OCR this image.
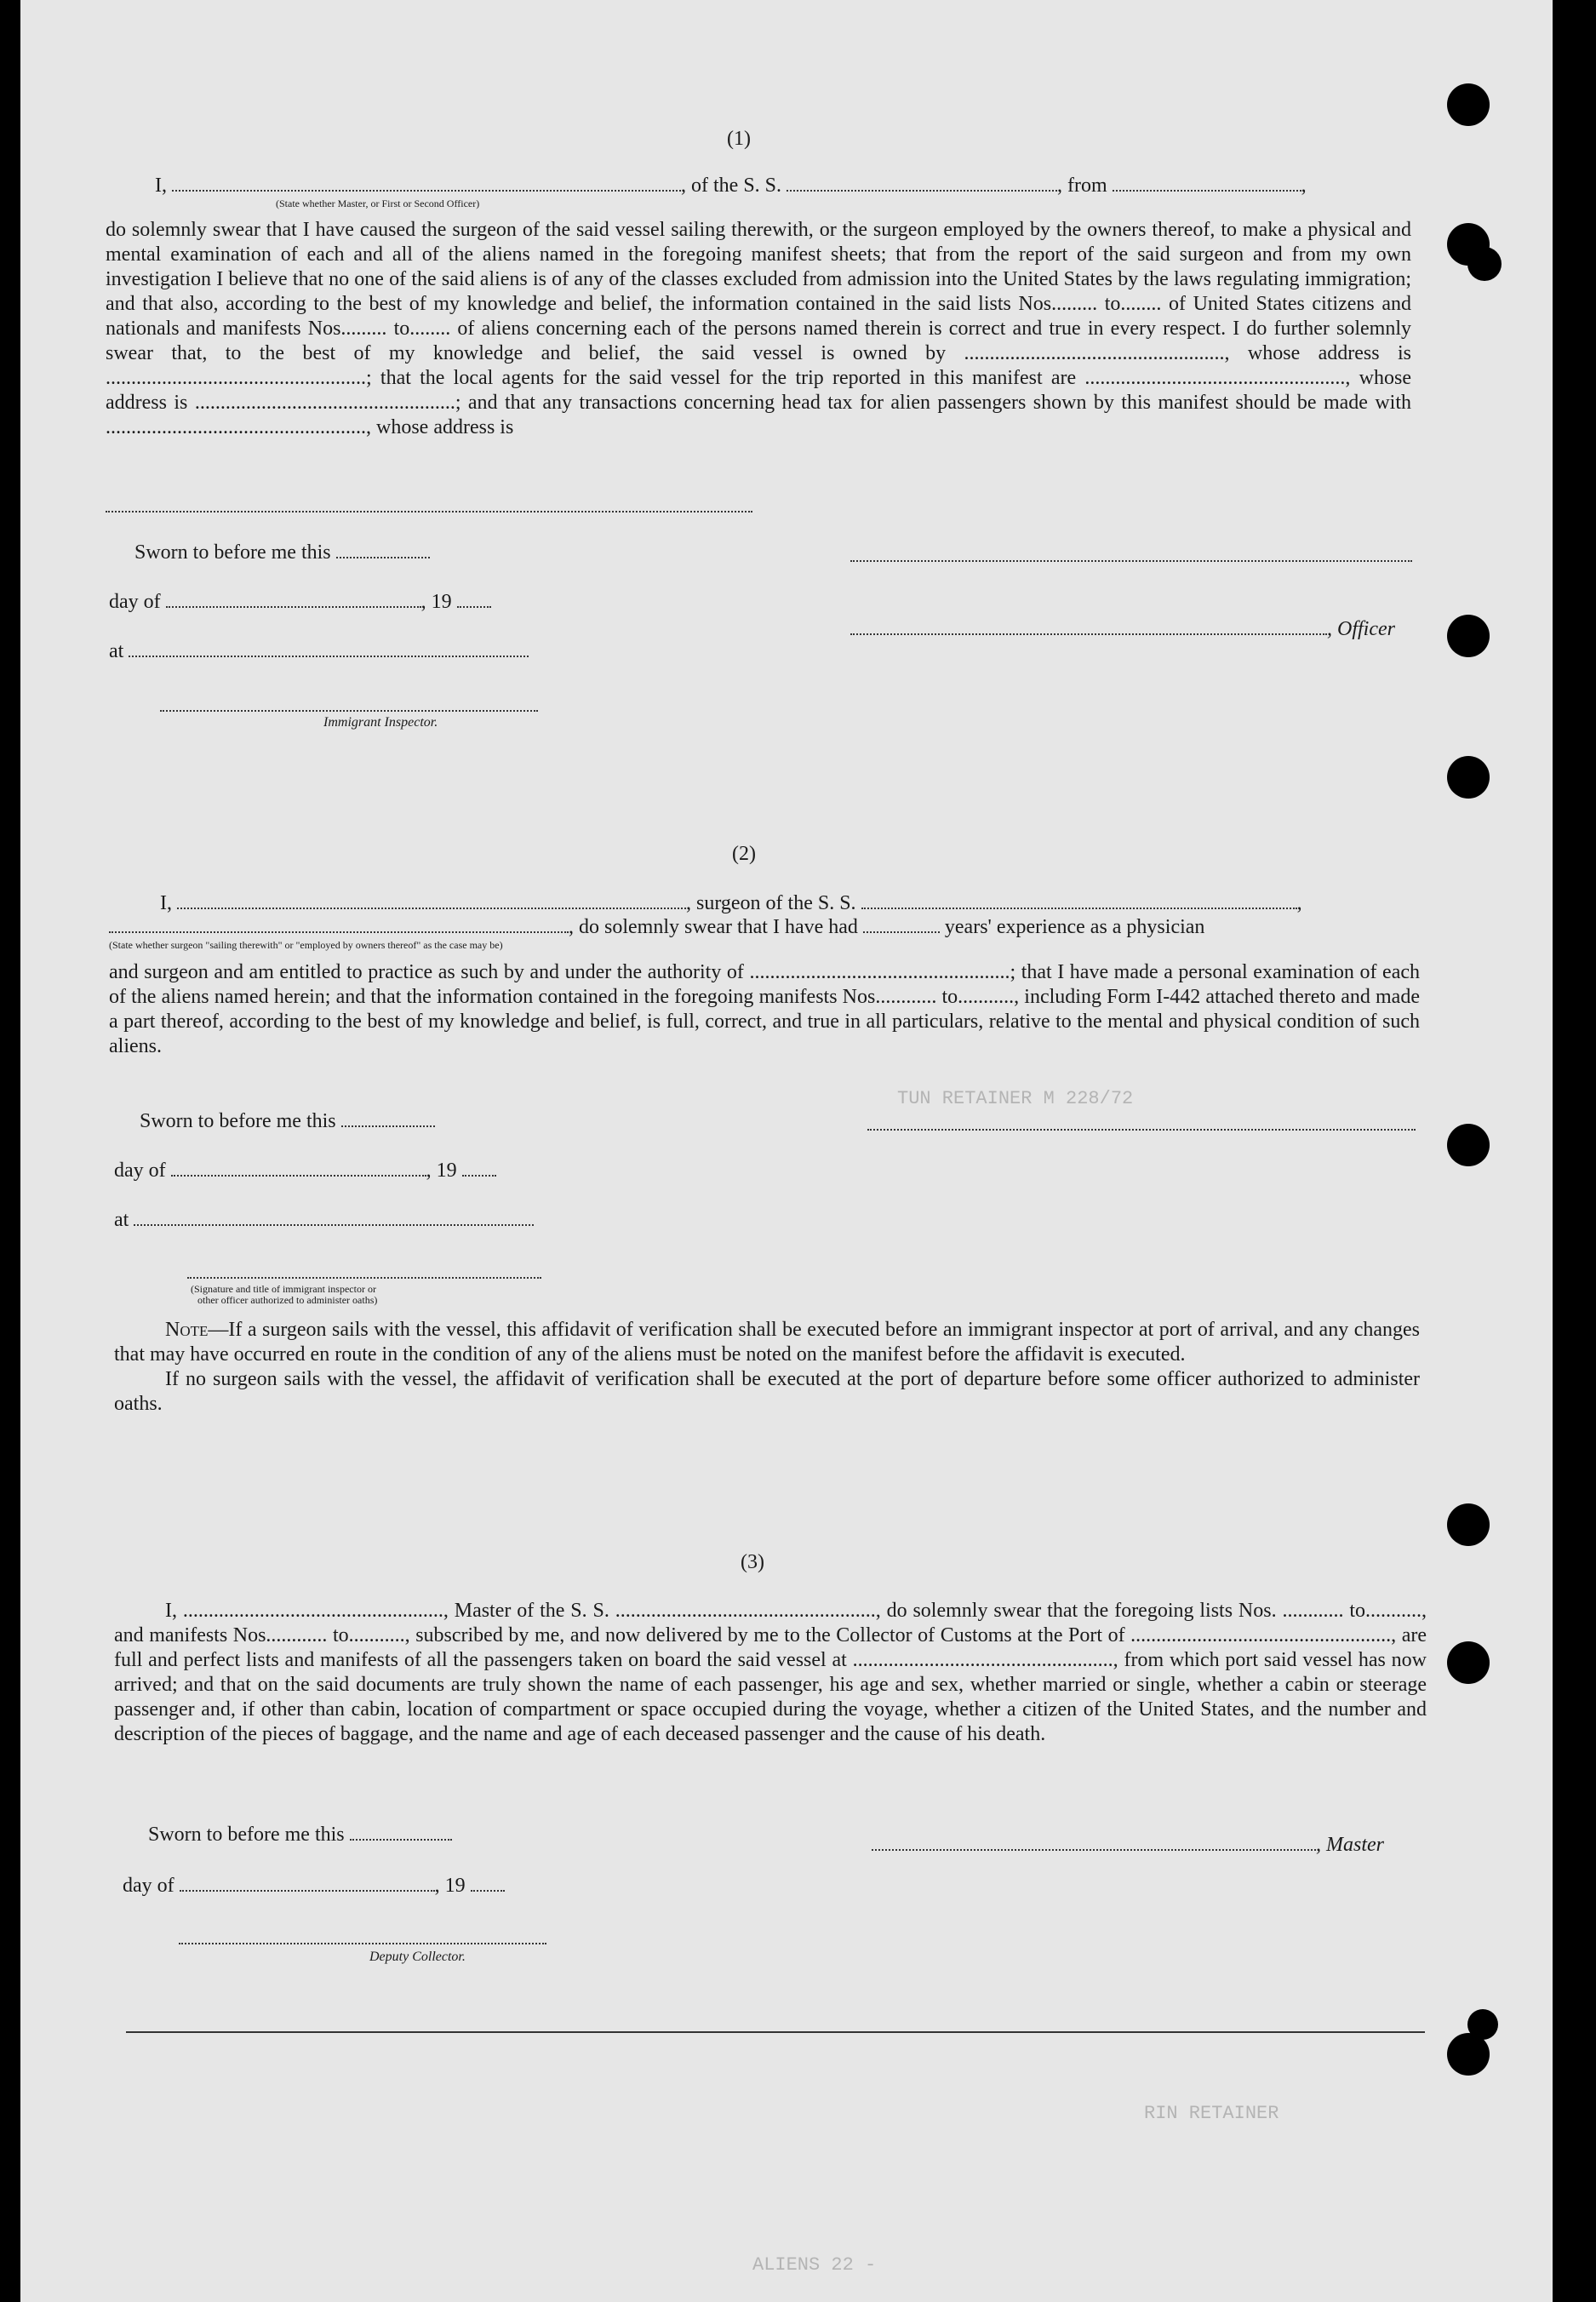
TUN RETAINER M 228/72
ALIENS 22 -
RIN RETAINER
(1)
I,	, of the S. S.	, from	,
(State whether Master, or First or Second Officer)

do solemnly swear that I have caused the surgeon of the said vessel sailing therewith, or the surgeon employed by the owners thereof, to make a physical and mental examination of each and all of the aliens named in the foregoing manifest sheets; that from the report of the said surgeon and from my own investigation I believe that no one of the said aliens is of any of the classes excluded from admission into the United States by the laws regulating immigration; and that also, according to the best of my knowledge and belief, the information contained in the said lists Nos......... to........ of United States citizens and nationals and manifests Nos......... to........ of aliens concerning each of the persons named therein is correct and true in every respect. I do further solemnly swear that, to the best of my knowledge and belief, the said vessel is owned by ..................................................., whose address is ...................................................; that the local agents for the said vessel for the trip reported in this manifest are ..................................................., whose address is ...................................................; and that any transactions concerning head tax for alien passengers shown by this manifest should be made with ..................................................., whose address is

Sworn to before me this
day of	, 19
, Officer
at
Immigrant Inspector.
(2)
I,	, surgeon of the S. S.	,
, do solemnly swear that I have had	years' experience as a physician
(State whether surgeon "sailing therewith" or "employed by owners thereof" as the case may be)

and surgeon and am entitled to practice as such by and under the authority of ...................................................; that I have made a personal examination of each of the aliens named herein; and that the information contained in the foregoing manifests Nos............ to..........., including Form I-442 attached thereto and made a part thereof, according to the best of my knowledge and belief, is full, correct, and true in all particulars, relative to the mental and physical condition of such aliens.

Sworn to before me this
day of	, 19
at
(Signature and title of immigrant inspector or
other officer authorized to administer oaths)

Note—If a surgeon sails with the vessel, this affidavit of verification shall be executed before an immigrant inspector at port of arrival, and any changes that may have occurred en route in the condition of any of the aliens must be noted on the manifest before the affidavit is executed.

If no surgeon sails with the vessel, the affidavit of verification shall be executed at the port of departure before some officer authorized to administer oaths.

(3)

I, ..................................................., Master of the S. S. ..................................................., do solemnly swear that the foregoing lists Nos. ............ to..........., and manifests Nos............ to..........., subscribed by me, and now delivered by me to the Collector of Customs at the Port of ..................................................., are full and perfect lists and manifests of all the passengers taken on board the said vessel at ..................................................., from which port said vessel has now arrived; and that on the said documents are truly shown the name of each passenger, his age and sex, whether married or single, whether a cabin or steerage passenger and, if other than cabin, location of compartment or space occupied during the voyage, whether a citizen of the United States, and the number and description of the pieces of baggage, and the name and age of each deceased passenger and the cause of his death.

Sworn to before me this	, Master
day of	, 19
Deputy Collector.
